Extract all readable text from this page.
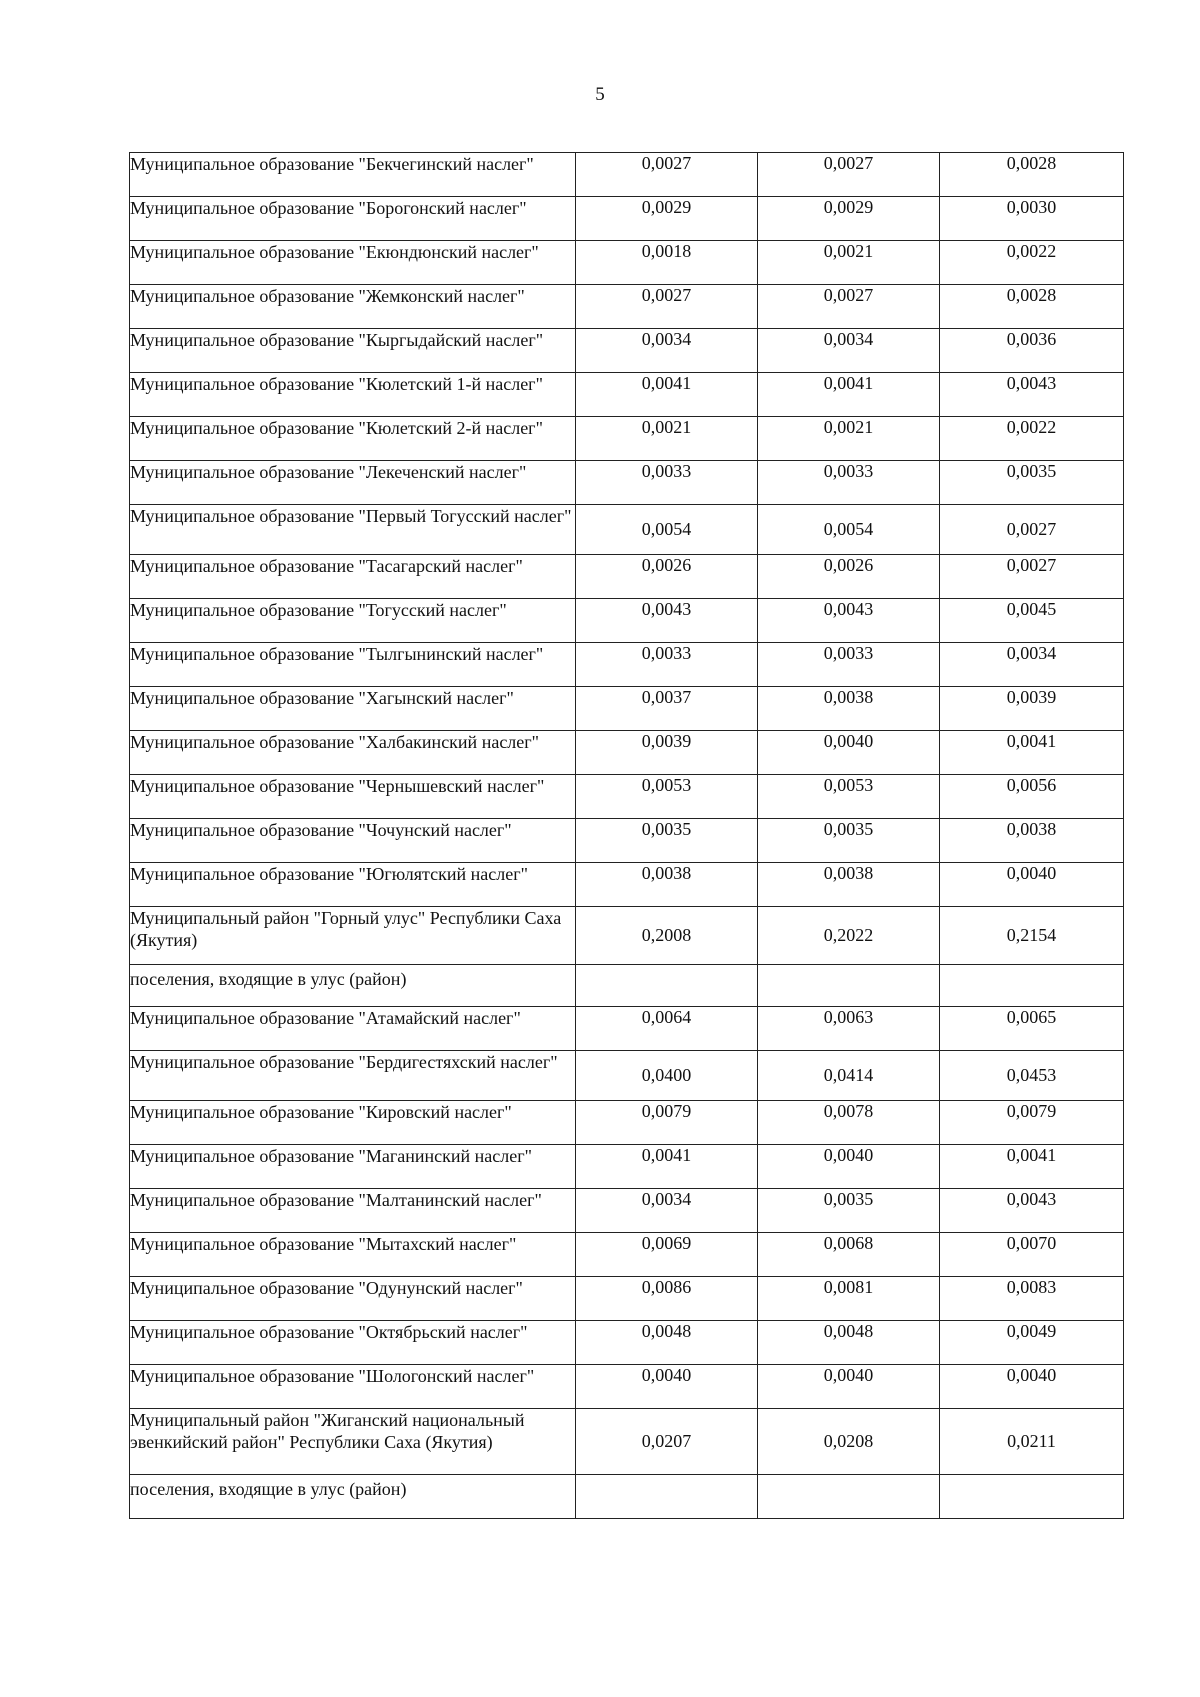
5
Муниципальное образование "Бекчегинский наслег"	0,0027	0,0027	0,0028
Муниципальное образование "Борогонский наслег"	0,0029	0,0029	0,0030
Муниципальное образование "Екюндюнский наслег"	0,0018	0,0021	0,0022
Муниципальное образование "Жемконский наслег"	0,0027	0,0027	0,0028
Муниципальное образование "Кыргыдайский наслег"	0,0034	0,0034	0,0036
Муниципальное образование "Кюлетский 1-й наслег"	0,0041	0,0041	0,0043
Муниципальное образование "Кюлетский 2-й наслег"	0,0021	0,0021	0,0022
Муниципальное образование "Лекеченский наслег"	0,0033	0,0033	0,0035
Муниципальное образование "Первый Тогусский наслег"	0,0054	0,0054	0,0027
Муниципальное образование "Тасагарский наслег"	0,0026	0,0026	0,0027
Муниципальное образование "Тогусский наслег"	0,0043	0,0043	0,0045
Муниципальное образование "Тылгынинский наслег"	0,0033	0,0033	0,0034
Муниципальное образование "Хагынский наслег"	0,0037	0,0038	0,0039
Муниципальное образование "Халбакинский наслег"	0,0039	0,0040	0,0041
Муниципальное образование "Чернышевский наслег"	0,0053	0,0053	0,0056
Муниципальное образование "Чочунский наслег"	0,0035	0,0035	0,0038
Муниципальное образование "Югюлятский наслег"	0,0038	0,0038	0,0040
Муниципальный район "Горный улус" Республики Саха (Якутия)	0,2008	0,2022	0,2154
поселения, входящие в улус (район)			
Муниципальное образование "Атамайский наслег"	0,0064	0,0063	0,0065
Муниципальное образование "Бердигестяхский наслег"	0,0400	0,0414	0,0453
Муниципальное образование "Кировский наслег"	0,0079	0,0078	0,0079
Муниципальное образование "Маганинский наслег"	0,0041	0,0040	0,0041
Муниципальное образование "Малтанинский наслег"	0,0034	0,0035	0,0043
Муниципальное образование "Мытахский наслег"	0,0069	0,0068	0,0070
Муниципальное образование "Одунунский наслег"	0,0086	0,0081	0,0083
Муниципальное образование "Октябрьский наслег"	0,0048	0,0048	0,0049
Муниципальное образование "Шологонский наслег"	0,0040	0,0040	0,0040
Муниципальный район "Жиганский национальный эвенкийский район" Республики Саха (Якутия)	0,0207	0,0208	0,0211
поселения, входящие в улус (район)			
